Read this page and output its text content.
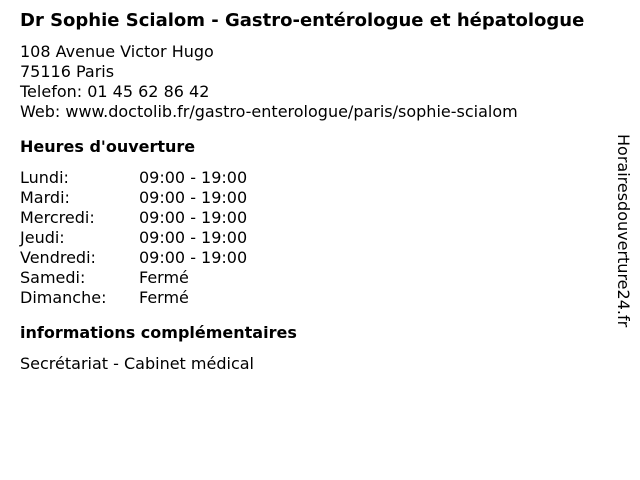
Dr Sophie Scialom - Gastro-entérologue et hépatologue
108 Avenue Victor Hugo
75116 Paris
Telefon: 01 45 62 86 42
Web: www.doctolib.fr/gastro-enterologue/paris/sophie-scialom
Heures d'ouverture
Lundi:	09:00 - 19:00
Mardi:	09:00 - 19:00
Mercredi:	09:00 - 19:00
Jeudi:	09:00 - 19:00
Vendredi:	09:00 - 19:00
Samedi:	Fermé
Dimanche:	Fermé
informations complémentaires
Secrétariat - Cabinet médical
Horairesdouverture24.fr
